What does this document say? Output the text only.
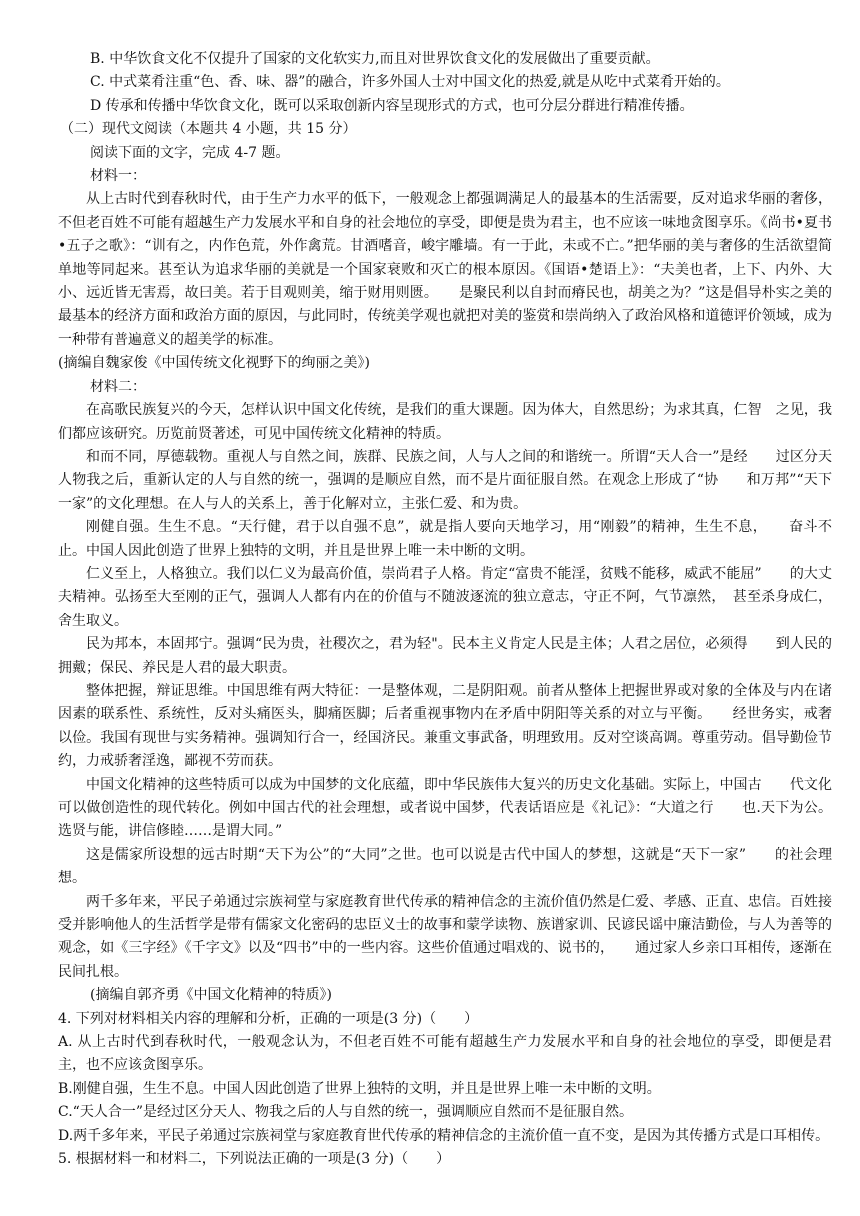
B. 中华饮食文化不仅提升了国家的文化软实力,而且对世界饮食文化的发展做出了重要贡献。
C. 中式菜肴注重“色、香、味、器”的融合，许多外国人士对中国文化的热爱,就是从吃中式菜肴开始的。
D 传承和传播中华饮食文化，既可以采取创新内容呈现形式的方式，也可分层分群进行精准传播。
（二）现代文阅读（本题共 4 小题，共 15 分）
阅读下面的文字，完成 4-7 题。
材料一：
从上古时代到春秋时代，由于生产力水平的低下，一般观念上都强调满足人的最基本的生活需要，反对追求华丽的奢侈，不但老百姓不可能有超越生产力发展水平和自身的社会地位的享受，即便是贵为君主，也不应该一味地贪图享乐。《尚书•夏书•五子之歌》：“训有之，内作色荒，外作禽荒。甘酒嗜音，峻宇雕墙。有一于此，未或不亡。”把华丽的美与奢侈的生活欲望简单地等同起来。甚至认为追求华丽的美就是一个国家衰败和灭亡的根本原因。《国语•楚语上》：“夫美也者，上下、内外、大小、远近皆无害焉，故曰美。若于目观则美，缩于财用则匮。　　是聚民利以自封而瘠民也，胡美之为？”这是倡导朴实之美的最基本的经济方面和政治方面的原因，与此同时，传统美学观也就把对美的鉴赏和崇尚纳入了政治风格和道德评价领域，成为一种带有普遍意义的超美学的标准。
(摘编自魏家俊《中国传统文化视野下的绚丽之美》)
材料二：
在高歌民族复兴的今天，怎样认识中国文化传统，是我们的重大课题。因为体大，自然思纷；为求其真，仁智　之见，我们都应该研究。历览前贤著述，可见中国传统文化精神的特质。
和而不同，厚德载物。重视人与自然之间，族群、民族之间，人与人之间的和谐统一。所谓“天人合一”是经　　过区分天人物我之后，重新认定的人与自然的统一，强调的是顺应自然，而不是片面征服自然。在观念上形成了“协　　和万邦”“天下一家”的文化理想。在人与人的关系上，善于化解对立，主张仁爱、和为贵。
刚健自强。生生不息。“天行健，君于以自强不息”，就是指人要向天地学习，用“刚毅”的精神，生生不息，　　奋斗不止。中国人因此创造了世界上独特的文明，并且是世界上唯一未中断的文明。
仁义至上，人格独立。我们以仁义为最高价值，崇尚君子人格。肯定“富贵不能淫，贫贱不能移，威武不能屈”　　的大丈夫精神。弘扬至大至刚的正气，强调人人都有内在的价值与不随波逐流的独立意志，守正不阿，气节凛然，　甚至杀身成仁，舍生取义。
民为邦本，本固邦宁。强调“民为贵，社稷次之，君为轻"。民本主义肯定人民是主体；人君之居位，必须得　　到人民的拥戴；保民、养民是人君的最大职责。
整体把握，辩证思维。中国思维有两大特征：一是整体观，二是阴阳观。前者从整体上把握世界或对象的全体及与内在诸因素的联系性、系统性，反对头痛医头，脚痛医脚；后者重视事物内在矛盾中阴阳等关系的对立与平衡。　　经世务实，戒奢以俭。我国有现世与实务精神。强调知行合一，经国济民。兼重文事武备，明理致用。反对空谈高调。尊重劳动。倡导勤俭节约，力戒骄奢淫逸，鄙视不劳而获。
中国文化精神的这些特质可以成为中国梦的文化底蕴，即中华民族伟大复兴的历史文化基础。实际上，中国古　　代文化可以做创造性的现代转化。例如中国古代的社会理想，或者说中国梦，代表话语应是《礼记》：“大道之行　　也.天下为公。选贤与能，讲信修睦……是谓大同。”
这是儒家所设想的远古时期“天下为公”的“大同”之世。也可以说是古代中国人的梦想，这就是“天下一家”　　的社会理想。
两千多年来，平民子弟通过宗族祠堂与家庭教育世代传承的精神信念的主流价值仍然是仁爱、孝感、正直、忠信。百姓接受并影响他人的生活哲学是带有儒家文化密码的忠臣义士的故事和蒙学读物、族谱家训、民谚民谣中廉洁勤俭，与人为善等的观念，如《三字经》《千字文》以及“四书”中的一些内容。这些价值通过唱戏的、说书的，　　通过家人乡亲口耳相传，逐渐在民间扎根。
(摘编自郭齐勇《中国文化精神的特质》)
4. 下列对材料相关内容的理解和分析，正确的一项是(3 分)（　　）
A. 从上古时代到春秋时代，一般观念认为，不但老百姓不可能有超越生产力发展水平和自身的社会地位的享受，即便是君主，也不应该贪图享乐。
B.刚健自强，生生不息。中国人因此创造了世界上独特的文明，并且是世界上唯一未中断的文明。
C.“天人合一”是经过区分天人、物我之后的人与自然的统一，强调顺应自然而不是征服自然。
D.两千多年来，平民子弟通过宗族祠堂与家庭教育世代传承的精神信念的主流价值一直不变，是因为其传播方式是口耳相传。
5. 根据材料一和材料二，下列说法正确的一项是(3 分)（　　）
